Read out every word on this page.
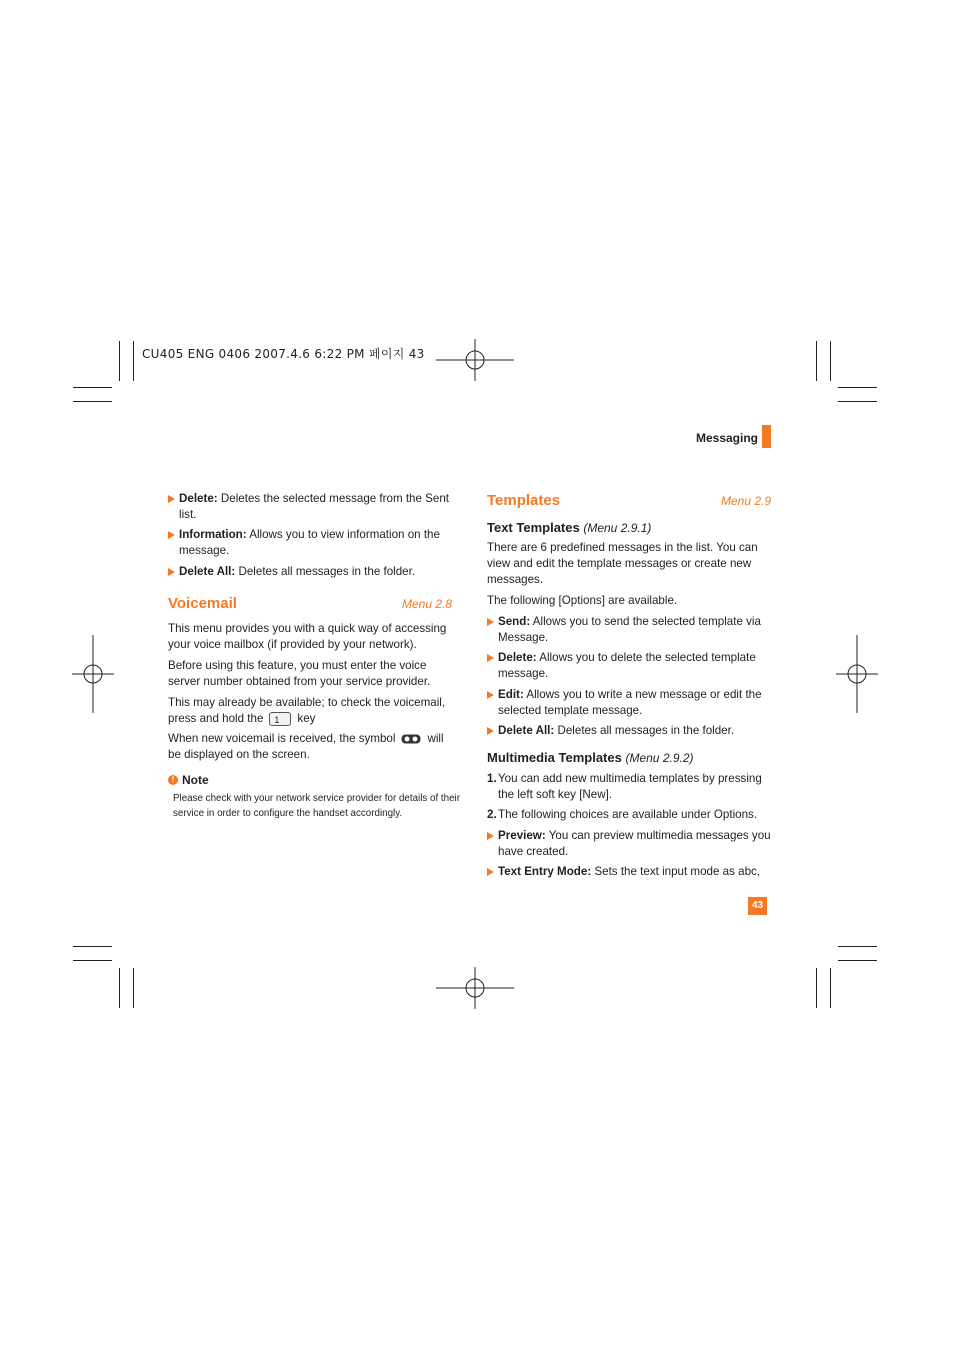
CU405 ENG 0406 2007.4.6 6:22 PM 페이지 43
Messaging
Delete: Deletes the selected message from the Sent list.
Information: Allows you to view information on the message.
Delete All: Deletes all messages in the folder.
Voicemail	Menu 2.8
This menu provides you with a quick way of accessing your voice mailbox (if provided by your network).
Before using this feature, you must enter the voice server number obtained from your service provider.
This may already be available; to check the voicemail, press and hold the1	key
When new voicemail is received, the symbol	will be displayed on the screen.
! Note
Please check with your network service provider for details of their service in order to configure the handset accordingly.
Templates	Menu 2.9
Text Templates (Menu 2.9.1)
There are 6 predefined messages in the list. You can view and edit the template messages or create new messages.
The following [Options] are available.
Send: Allows you to send the selected template via Message.
Delete: Allows you to delete the selected template message.
Edit: Allows you to write a new message or edit the selected template message.
Delete All: Deletes all messages in the folder.
Multimedia Templates (Menu 2.9.2)
1. You can add new multimedia templates by pressing the left soft key [New].
2. The following choices are available under Options.
Preview: You can preview multimedia messages you have created.
Text Entry Mode: Sets the text input mode as abc,
43
